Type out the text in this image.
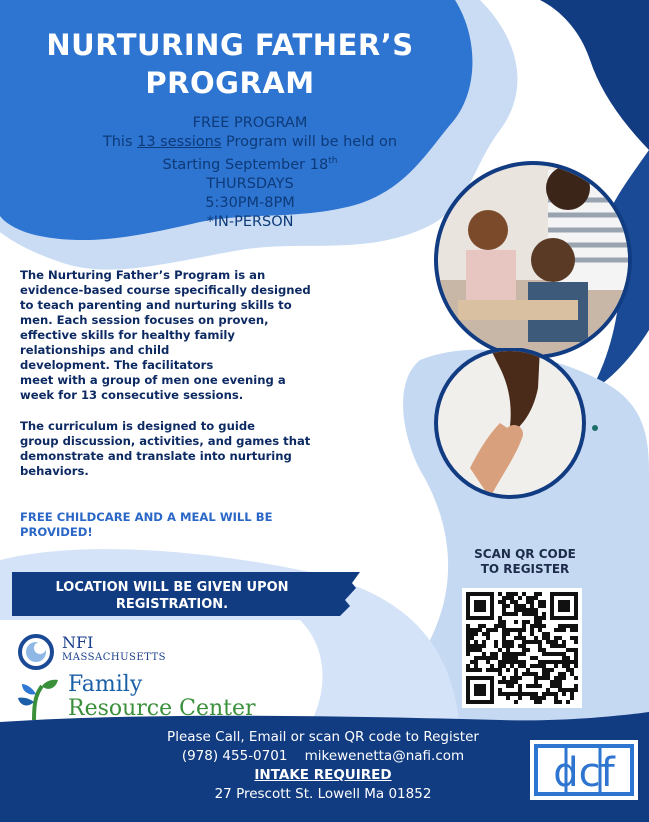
NURTURING FATHER’S
PROGRAM
FREE PROGRAM
This 13 sessions Program will be held on
Starting September 18th
THURSDAYS
5:30PM-8PM
*IN-PERSON

The Nurturing Father’s Program is an
evidence-based course specifically designed
to teach parenting and nurturing skills to
men. Each session focuses on proven,
effective skills for healthy family
relationships and child
development. The facilitators
meet with a group of men one evening a
week for 13 consecutive sessions.

The curriculum is designed to guide
group discussion, activities, and games that
demonstrate and translate into nurturing
behaviors.

FREE CHILDCARE AND A MEAL WILL BE
PROVIDED!
LOCATION WILL BE GIVEN UPON
REGISTRATION.
SCAN QR CODE
TO REGISTER
NFI
MASSACHUSETTS
Family
Resource Center
Please Call, Email or scan QR code to Register
(978) 455-0701 mikewenetta@nafi.com
INTAKE REQUIRED
27 Prescott St. Lowell Ma 01852	dcf
